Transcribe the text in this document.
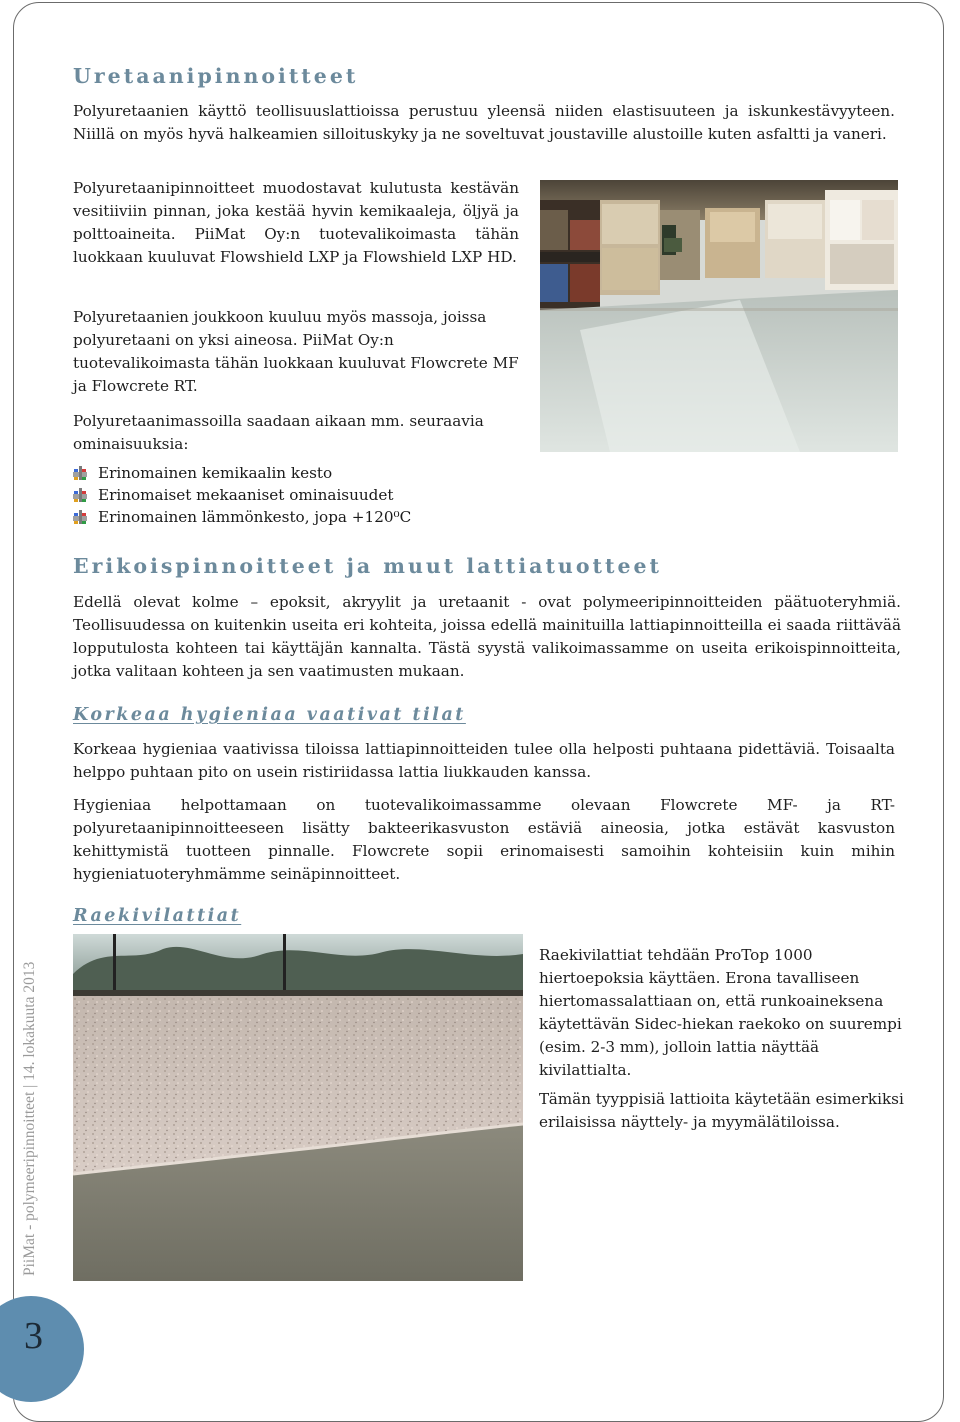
PiiMat - polymeeripinnoitteet | 14. lokakuuta 2013
3
Uretaanipinnoitteet

Polyuretaanien käyttö teollisuuslattioissa perustuu yleensä niiden elastisuuteen ja iskunkestävyyteen. Niillä on myös hyvä halkeamien silloituskyky ja ne soveltuvat joustaville alustoille kuten asfaltti ja vaneri.

Polyuretaanipinnoitteet muodostavat kulutusta kestävän vesitiiviin pinnan, joka kestää hyvin kemikaaleja, öljyä ja polttoaineita. PiiMat Oy:n tuotevalikoimasta tähän luokkaan kuuluvat Flowshield LXP ja Flowshield LXP HD.

Polyuretaanien joukkoon kuuluu myös massoja, joissa polyuretaani on yksi aineosa. PiiMat Oy:n tuotevalikoimasta tähän luokkaan kuuluvat Flowcrete MF ja Flowcrete RT.

Polyuretaanimassoilla saadaan aikaan mm. seuraavia ominaisuuksia:

Erinomainen kemikaalin kesto
Erinomaiset mekaaniset ominaisuudet
Erinomainen lämmönkesto, jopa +120⁰C
Erikoispinnoitteet ja muut lattiatuotteet

Edellä olevat kolme – epoksit, akryylit ja uretaanit - ovat polymeeripinnoitteiden päätuoteryhmiä. Teollisuudessa on kuitenkin useita eri kohteita, joissa edellä mainituilla lattiapinnoitteilla ei saada riittävää lopputulosta kohteen tai käyttäjän kannalta. Tästä syystä valikoimassamme on useita erikoispinnoitteita, jotka valitaan kohteen ja sen vaatimusten mukaan.

Korkeaa hygieniaa vaativat tilat

Korkeaa hygieniaa vaativissa tiloissa lattiapinnoitteiden tulee olla helposti puhtaana pidettäviä. Toisaalta helppo puhtaan pito on usein ristiriidassa lattia liukkauden kanssa.

Hygieniaa helpottamaan on tuotevalikoimassamme olevaan Flowcrete MF- ja RT-polyuretaanipinnoitteeseen lisätty bakteerikasvuston estäviä aineosia, jotka estävät kasvuston kehittymistä tuotteen pinnalle. Flowcrete sopii erinomaisesti samoihin kohteisiin kuin mihin hygieniatuoteryhmämme seinäpinnoitteet.

Raekivilattiat

Raekivilattiat tehdään ProTop 1000 hiertoepoksia käyttäen. Erona tavalliseen hiertomassalattiaan on, että runkoaineksena käytettävän Sidec-hiekan raekoko on suurempi (esim. 2-3 mm), jolloin lattia näyttää kivilattialta.

Tämän tyyppisiä lattioita käytetään esimerkiksi erilaisissa näyttely- ja myymälätiloissa.
